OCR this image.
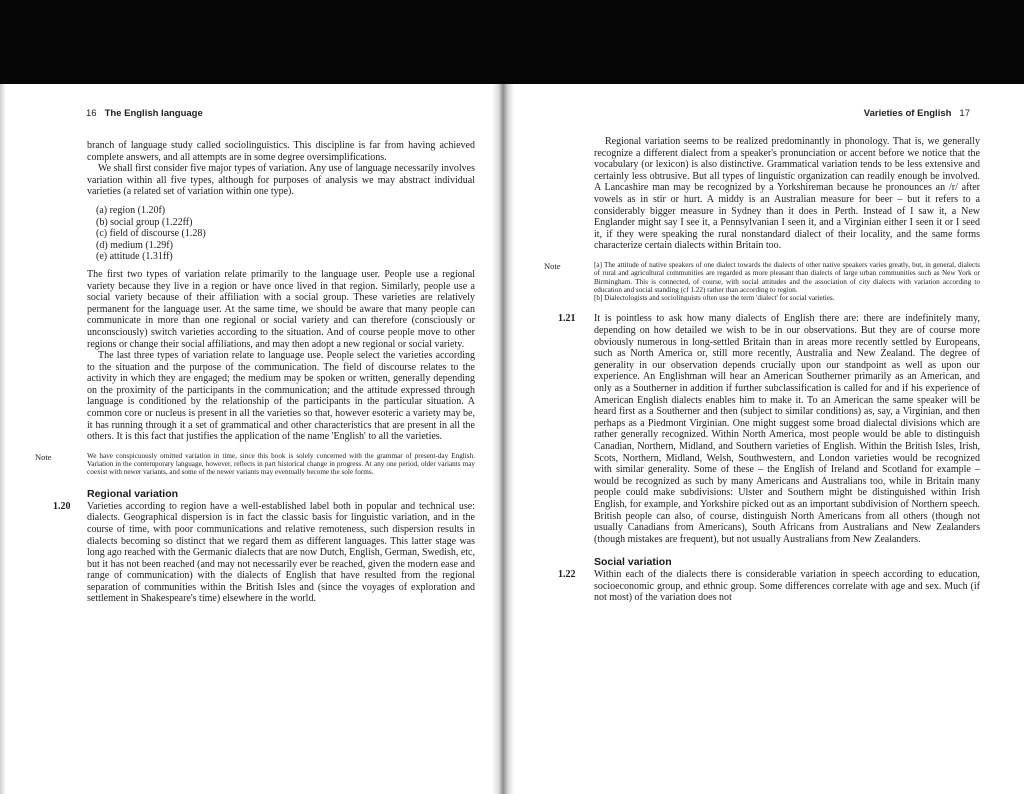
16 The English language

branch of language study called sociolinguistics. This discipline is far from having achieved complete answers, and all attempts are in some degree oversimplifications.

We shall first consider five major types of variation. Any use of language necessarily involves variation within all five types, although for purposes of analysis we may abstract individual varieties (a related set of variation within one type).

(a) region (1.20f)
(b) social group (1.22ff)
(c) field of discourse (1.28)
(d) medium (1.29f)
(e) attitude (1.31ff)

The first two types of variation relate primarily to the language user. People use a regional variety because they live in a region or have once lived in that region. Similarly, people use a social variety because of their affiliation with a social group. These varieties are relatively permanent for the language user. At the same time, we should be aware that many people can communicate in more than one regional or social variety and can therefore (consciously or unconsciously) switch varieties according to the situation. And of course people move to other regions or change their social affiliations, and may then adopt a new regional or social variety.

The last three types of variation relate to language use. People select the varieties according to the situation and the purpose of the communication. The field of discourse relates to the activity in which they are engaged; the medium may be spoken or written, generally depending on the proximity of the participants in the communication; and the attitude expressed through language is conditioned by the relationship of the participants in the particular situation. A common core or nucleus is present in all the varieties so that, however esoteric a variety may be, it has running through it a set of grammatical and other characteristics that are present in all the others. It is this fact that justifies the application of the name 'English' to all the varieties.

Note	We have conspicuously omitted variation in time, since this book is solely concerned with the grammar of present-day English. Variation in the contemporary language, however, reflects in part historical change in progress. At any one period, older variants may coexist with newer variants, and some of the newer variants may eventually become the sole forms.

Regional variation
1.20 Varieties according to region have a well-established label both in popular and technical use: dialects. Geographical dispersion is in fact the classic basis for linguistic variation, and in the course of time, with poor communications and relative remoteness, such dispersion results in dialects becoming so distinct that we regard them as different languages. This latter stage was long ago reached with the Germanic dialects that are now Dutch, English, German, Swedish, etc, but it has not been reached (and may not necessarily ever be reached, given the modern ease and range of communication) with the dialects of English that have resulted from the regional separation of communities within the British Isles and (since the voyages of exploration and settlement in Shakespeare's time) elsewhere in the world.

Varieties of English 17

Regional variation seems to be realized predominantly in phonology. That is, we generally recognize a different dialect from a speaker's pronunciation or accent before we notice that the vocabulary (or lexicon) is also distinctive. Grammatical variation tends to be less extensive and certainly less obtrusive. But all types of linguistic organization can readily enough be involved. A Lancashire man may be recognized by a Yorkshireman because he pronounces an /r/ after vowels as in stir or hurt. A middy is an Australian measure for beer – but it refers to a considerably bigger measure in Sydney than it does in Perth. Instead of I saw it, a New Englander might say I see it, a Pennsylvanian I seen it, and a Virginian either I seen it or I seed it, if they were speaking the rural nonstandard dialect of their locality, and the same forms characterize certain dialects within Britain too.

Note	[a] The attitude of native speakers of one dialect towards the dialects of other native speakers varies greatly, but, in general, dialects of rural and agricultural communities are regarded as more pleasant than dialects of large urban communities such as New York or Birmingham. This is connected, of course, with social attitudes and the association of city dialects with variation according to education and social standing (cf 1.22) rather than according to region.

[b] Dialectologists and sociolinguists often use the term 'dialect' for social varieties.

1.21 It is pointless to ask how many dialects of English there are: there are indefinitely many, depending on how detailed we wish to be in our observations. But they are of course more obviously numerous in long-settled Britain than in areas more recently settled by Europeans, such as North America or, still more recently, Australia and New Zealand. The degree of generality in our observation depends crucially upon our standpoint as well as upon our experience. An Englishman will hear an American Southerner primarily as an American, and only as a Southerner in addition if further subclassification is called for and if his experience of American English dialects enables him to make it. To an American the same speaker will be heard first as a Southerner and then (subject to similar conditions) as, say, a Virginian, and then perhaps as a Piedmont Virginian. One might suggest some broad dialectal divisions which are rather generally recognized. Within North America, most people would be able to distinguish Canadian, Northern, Midland, and Southern varieties of English. Within the British Isles, Irish, Scots, Northern, Midland, Welsh, Southwestern, and London varieties would be recognized with similar generality. Some of these – the English of Ireland and Scotland for example – would be recognized as such by many Americans and Australians too, while in Britain many people could make subdivisions: Ulster and Southern might be distinguished within Irish English, for example, and Yorkshire picked out as an important subdivision of Northern speech. British people can also, of course, distinguish North Americans from all others (though not usually Canadians from Americans), South Africans from Australians and New Zealanders (though mistakes are frequent), but not usually Australians from New Zealanders.

Social variation
1.22 Within each of the dialects there is considerable variation in speech according to education, socioeconomic group, and ethnic group. Some differences correlate with age and sex. Much (if not most) of the variation does not
